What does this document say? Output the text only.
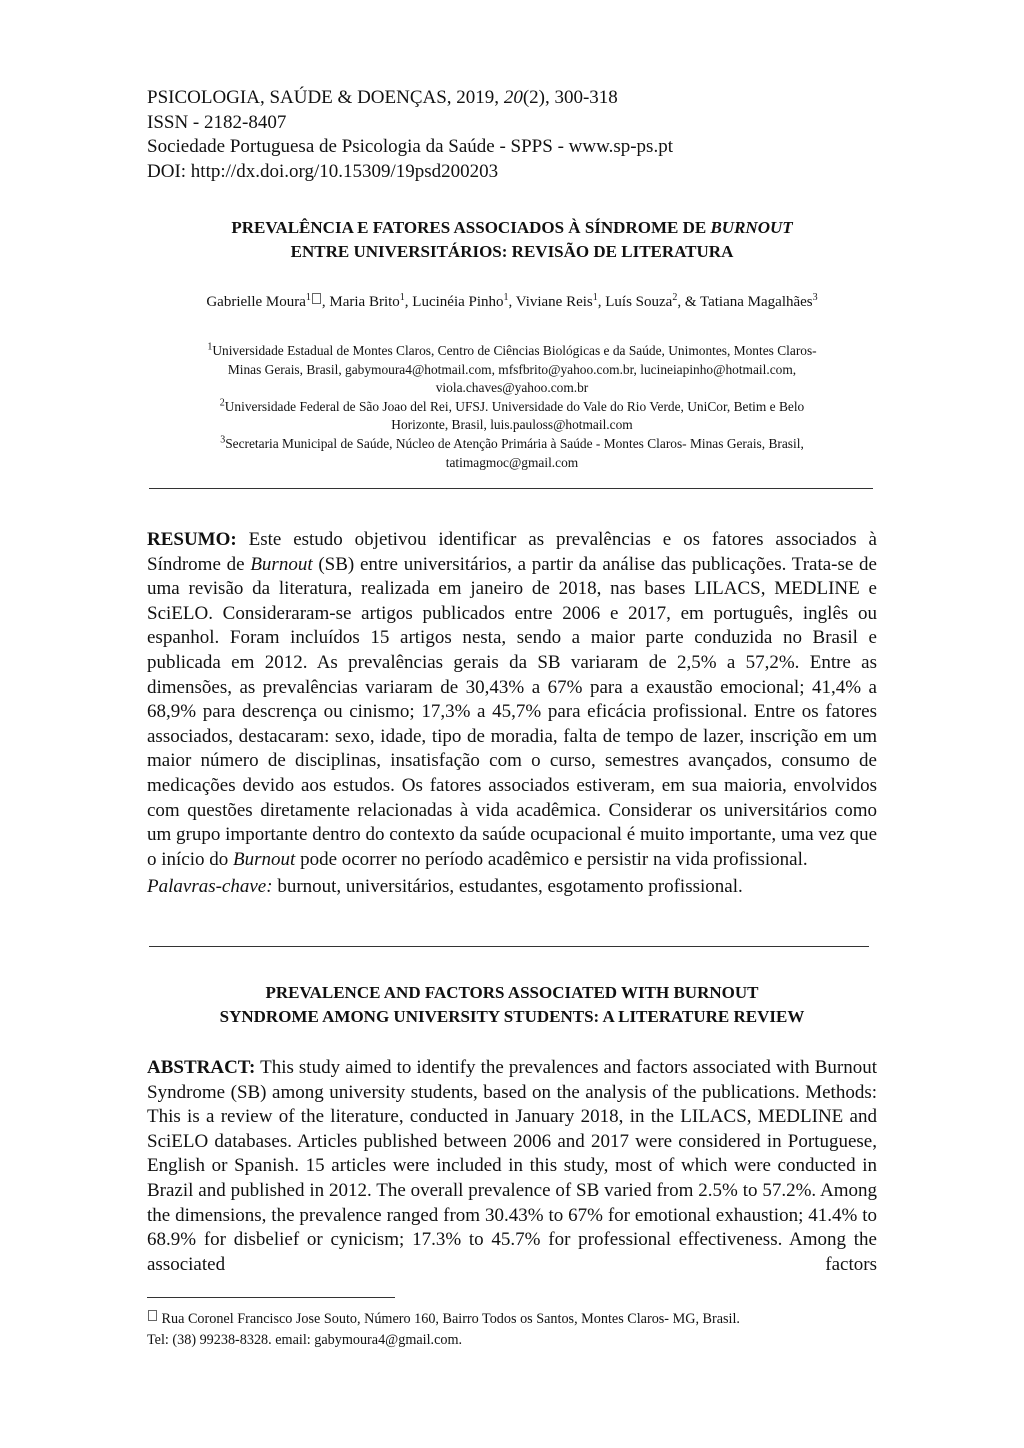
PSICOLOGIA, SAÚDE & DOENÇAS, 2019, 20(2), 300-318
ISSN - 2182-8407
Sociedade Portuguesa de Psicologia da Saúde - SPPS - www.sp-ps.pt
DOI: http://dx.doi.org/10.15309/19psd200203
PREVALÊNCIA E FATORES ASSOCIADOS À SÍNDROME DE BURNOUT
ENTRE UNIVERSITÁRIOS: REVISÃO DE LITERATURA
Gabrielle Moura$^1$ , Maria Brito$^1$, Lucinéia Pinho$^1$, Viviane Reis$^1$, Luís Souza$^2$, & Tatiana Magalhães$^3$
$^1$Universidade Estadual de Montes Claros, Centro de Ciências Biológicas e da Saúde, Unimontes, Montes Claros-
Minas Gerais, Brasil, gabymoura4@hotmail.com, mfsfbrito@yahoo.com.br, lucineiapinho@hotmail.com,
viola.chaves@yahoo.com.br
$^2$Universidade Federal de São Joao del Rei, UFSJ. Universidade do Vale do Rio Verde, UniCor, Betim e Belo
Horizonte, Brasil, luis.pauloss@hotmail.com
$^3$Secretaria Municipal de Saúde, Núcleo de Atenção Primária à Saúde - Montes Claros- Minas Gerais, Brasil,
tatimagmoc@gmail.com
RESUMO: Este estudo objetivou identificar as prevalências e os fatores associados à Síndrome de Burnout (SB) entre universitários, a partir da análise das publicações. Trata-se de uma revisão da literatura, realizada em janeiro de 2018, nas bases LILACS, MEDLINE e SciELO. Consideraram-se artigos publicados entre 2006 e 2017, em português, inglês ou espanhol. Foram incluídos 15 artigos nesta, sendo a maior parte conduzida no Brasil e publicada em 2012. As prevalências gerais da SB variaram de 2,5% a 57,2%. Entre as dimensões, as prevalências variaram de 30,43% a 67% para a exaustão emocional; 41,4% a 68,9% para descrença ou cinismo; 17,3% a 45,7% para eficácia profissional. Entre os fatores associados, destacaram: sexo, idade, tipo de moradia, falta de tempo de lazer, inscrição em um maior número de disciplinas, insatisfação com o curso, semestres avançados, consumo de medicações devido aos estudos. Os fatores associados estiveram, em sua maioria, envolvidos com questões diretamente relacionadas à vida acadêmica. Considerar os universitários como um grupo importante dentro do contexto da saúde ocupacional é muito importante, uma vez que o início do Burnout pode ocorrer no período acadêmico e persistir na vida profissional.
Palavras-chave: burnout, universitários, estudantes, esgotamento profissional.
PREVALENCE AND FACTORS ASSOCIATED WITH BURNOUT
SYNDROME AMONG UNIVERSITY STUDENTS: A LITERATURE REVIEW
ABSTRACT: This study aimed to identify the prevalences and factors associated with Burnout Syndrome (SB) among university students, based on the analysis of the publications. Methods: This is a review of the literature, conducted in January 2018, in the LILACS, MEDLINE and SciELO databases. Articles published between 2006 and 2017 were considered in Portuguese, English or Spanish. 15 articles were included in this study, most of which were conducted in Brazil and published in 2012. The overall prevalence of SB varied from 2.5% to 57.2%. Among the dimensions, the prevalence ranged from 30.43% to 67% for emotional exhaustion; 41.4% to 68.9% for disbelief or cynicism; 17.3% to 45.7% for professional effectiveness. Among the associated factors
Rua Coronel Francisco Jose Souto, Número 160, Bairro Todos os Santos, Montes Claros- MG, Brasil.
Tel: (38) 99238-8328. email: gabymoura4@gmail.com.
